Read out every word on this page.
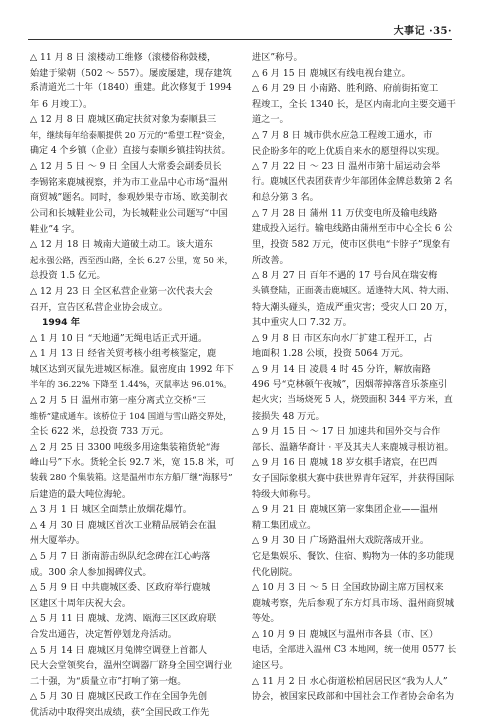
大事记 ·35·
△ 11 月 8 日 滚楼动工维修（滚楼俗称鼓楼，
始建于梁朝（502 ～ 557）。屡废屡建，现存建筑
系清道光二十年（1840）重建。此次修复于 1994
年 6 月竣工）。
△ 12 月 8 日 鹿城区确定扶贫对象为泰顺县三
年，继续每年给泰顺提供 20 万元的“希望工程”资金，
确定 4 个乡镇（企业）直接与泰顺乡镇挂钩扶贫。
△ 12 月 5 日 ～ 9 日 全国人大常委会副委员长
李锡铭来鹿城视察，并为市工业品中心市场“温州
商贸城”题名。同时，参观妙果寺市场、欧美制衣
公司和长城鞋业公司，为长城鞋业公司题写“中国
鞋业”4 字。
△ 12 月 18 日 城南大道破土动工。该大道东
起永强公路，西至西山路，全长 6.27 公里，宽 50 米，
总投资 1.5 亿元。
△ 12 月 23 日 全区私营企业第一次代表大会
召开，宣告区私营企业协会成立。
1994 年
△ 1 月 10 日 “天地通”无绳电话正式开通。
△ 1 月 13 日 经省关贸考核小组考核鉴定，鹿
城区达到灭鼠先进城区标准。鼠密度由 1992 年下
半年的 36.22% 下降至 1.44%，灭鼠率达 96.01%。
△ 2 月 5 日 温州市第一座分离式立交桥“三
维桥”建成通车。该桥位于 104 国道与雪山路交界处，
全长 622 米，总投资 733 万元。
△ 2 月 25 日 3300 吨级多用途集装箱货轮“海
峰山号”下水。货轮全长 92.7 米，宽 15.8 米，可
装载 280 个集装箱。这是温州市东方船厂继“海豚号”
后建造的最大吨位海轮。
△ 3 月 1 日 城区全面禁止放烟花爆竹。
△ 4 月 30 日 鹿城区首次工业精品展销会在温
州大厦举办。
△ 5 月 7 日 浙南游击纵队纪念碑在江心屿落
成。300 余人参加揭碑仪式。
△ 5 月 9 日 中共鹿城区委、区政府举行鹿城
区建区十周年庆祝大会。
△ 5 月 11 日 鹿城、龙湾、瓯海三区区政府联
合发出通告，决定暂停划龙舟活动。
△ 5 月 14 日 鹿城区月兔牌空调登上首都人
民大会堂领奖台，温州空调器厂跻身全国空调行业
二十强，为“质量立市”打响了第一炮。
△ 5 月 30 日 鹿城区民政工作在全国争先创
优活动中取得突出成绩，获“全国民政工作先
进区”称号。
△ 6 月 15 日 鹿城区有线电视台建立。
△ 6 月 29 日 小南路、胜利路、府前街拓宽工
程竣工，全长 1340 长，是区内南北向主要交通干
道之一。
△ 7 月 8 日 城市供水应急工程竣工通水，市
民企盼多年的吃上优质自来水的愿望得以实现。
△ 7 月 22 日 ～ 23 日 温州市第十届运动会举
行。鹿城区代表团获青少年部团体金牌总数第 2 名
和总分第 3 名。
△ 7 月 28 日 蒲州 11 万伏变电所及输电线路
建成投入运行。输电线路由蒲州至市中心全长 6 公
里，投资 582 万元，使市区供电“卡脖子”现象有
所改善。
△ 8 月 27 日 百年不遇的 17 号台风在瑞安梅
头镇登陆，正面袭击鹿城区。适逢特大风、特大雨、
特大潮头碰头，造成严重灾害；受灾人口 20 万，
其中重灾人口 7.32 万。
△ 9 月 8 日 市区东向水厂扩建工程开工，占
地面积 1.28 公顷，投资 5064 万元。
△ 9 月 14 日 凌晨 4 时 45 分许，解放南路
496 号“克林顿午夜城”，因烟蒂掉落音乐茶座引
起火灾；当场烧死 5 人，烧毁面积 344 平方米，直
接损失 48 万元。
△ 9 月 15 日 ～ 17 日 加速共和国外交与合作
部长、温籍华裔计 · 平及其夫人来鹿城寻根访祖。
△ 9 月 16 日 鹿城 18 岁女棋手诸宸，在巴西
女子国际象棋大赛中获世界青年冠军，并获得国际
特级大师称号。
△ 9 月 21 日 鹿城区第一家集团企业——温州
精工集团成立。
△ 9 月 30 日 广场路温州大戏院落成开业。
它是集娱乐、餐饮、住宿、购物为一体的多功能现
代化剧院。
△ 10 月 3 日 ～ 5 日 全国政协副主席万国权来
鹿城考察，先后参观了东方灯具市场、温州商贸城
等处。
△ 10 月 9 日 鹿城区与温州市各县（市、区）
电话，全部进入温州 C3 本地网，统一使用 0577 长
途区号。
△ 11 月 2 日 水心街道松柏居居民区“我为人人”
协会，被国家民政部和中国社会工作者协会命名为
